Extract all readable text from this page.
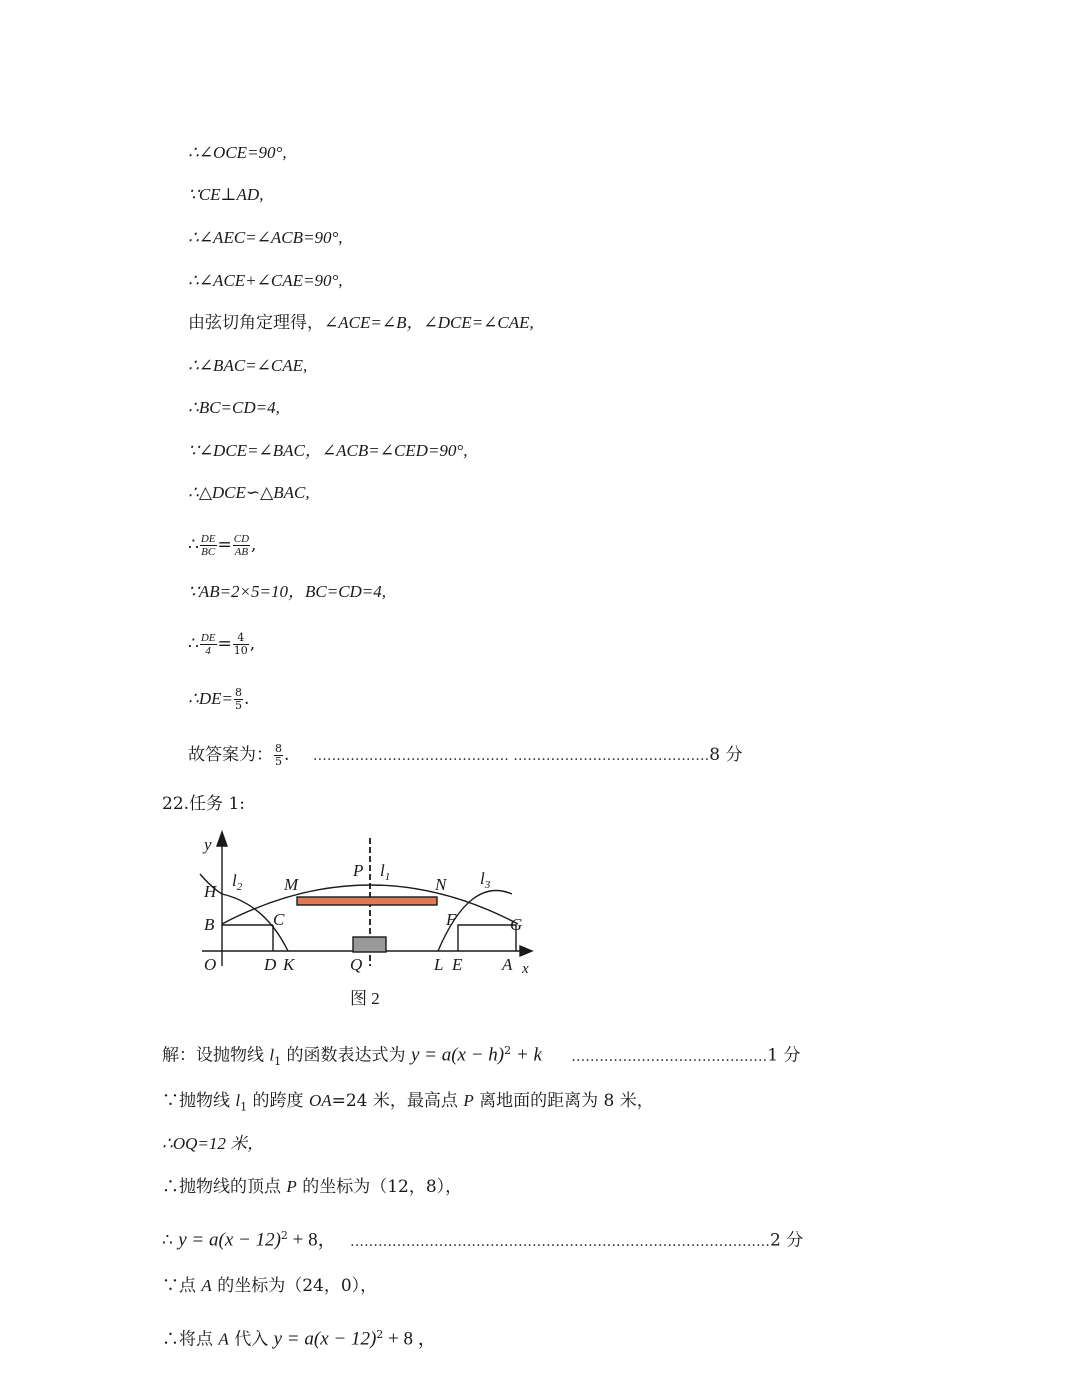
∴∠OCE=90°,
∵CE⊥AD,
∴∠AEC=∠ACB=90°,
∴∠ACE+∠CAE=90°,
由弦切角定理得，∠ACE=∠B，∠DCE=∠CAE,
∴∠BAC=∠CAE,
∴BC=CD=4,
∵∠DCE=∠BAC，∠ACB=∠CED=90°,
∴△DCE∽△BAC,
∴ $\frac{DE}{BC} = \frac{CD}{AB}$ ,
∵AB=2×5=10，BC=CD=4,
∴ $\frac{DE}{4} = \frac{4}{10}$ ,
∴DE= $\frac{8}{5}$ .
故答案为： $\frac{8}{5}$ . …………………………………… ……………………………………8 分
22.任务 1:
y
x
O
H
B	C
D K
M
P
N
F	G
Q	L E A
$l_1$
$l_2$	$l_3$
图 2
解：设抛物线 $l_1$ 的函数表达式为 $y = a(x - h)^2 + k$ ……………………………………1 分
∵抛物线 $l_1$ 的跨度 OA=24 米，最高点 P 离地面的距离为 8 米，
∴OQ=12 米，
∴抛物线的顶点 P 的坐标为（12，8），
∴ $y = a(x - 12)^2 + 8$， ………………………………………………………………………………2 分
∵点 A 的坐标为（24，0），
∴将点 A 代入 $y = a(x - 12)^2 + 8$ ，
